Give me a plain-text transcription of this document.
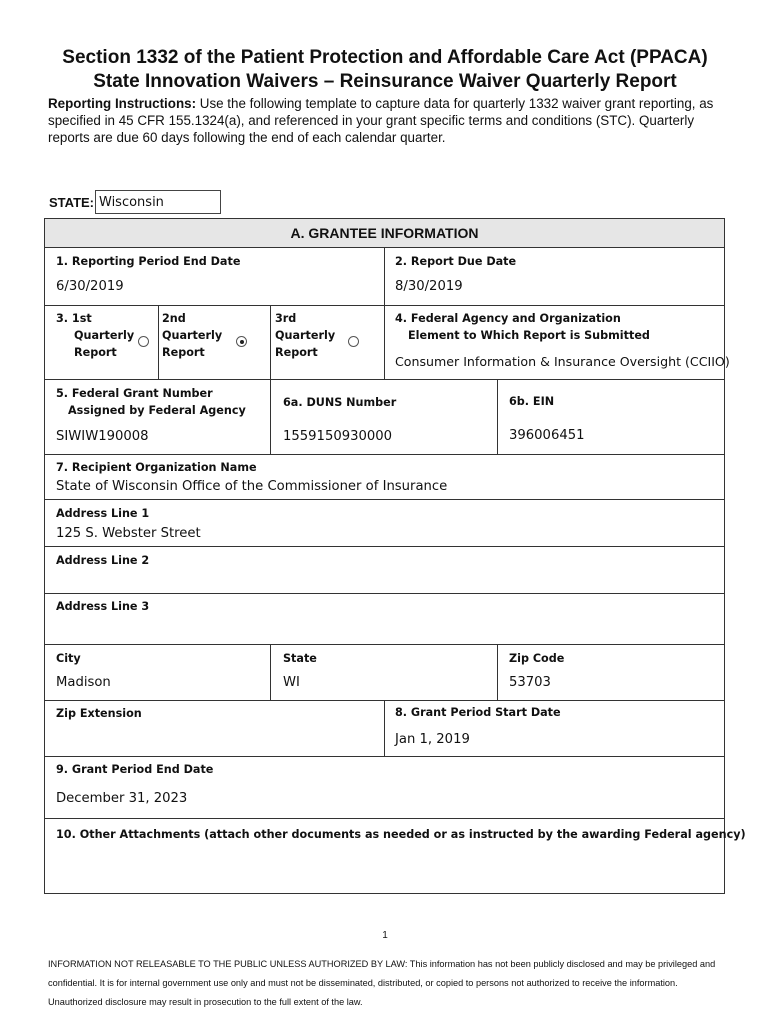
Section 1332 of the Patient Protection and Affordable Care Act (PPACA)
State Innovation Waivers – Reinsurance Waiver Quarterly Report
Reporting Instructions: Use the following template to capture data for quarterly 1332 waiver grant reporting, as specified in 45 CFR 155.1324(a), and referenced in your grant specific terms and conditions (STC). Quarterly reports are due 60 days following the end of each calendar quarter.
STATE: Wisconsin
A. GRANTEE INFORMATION
1. Reporting Period End Date
6/30/2019
2. Report Due Date
8/30/2019
3. 1st
Quarterly
Report
2nd
Quarterly
Report
3rd
Quarterly
Report
4. Federal Agency and Organization
Element to Which Report is Submitted
Consumer Information & Insurance Oversight (CCIIO)
5. Federal Grant Number
Assigned by Federal Agency
SIWIW190008
6a. DUNS Number
1559150930000
6b. EIN
396006451
7. Recipient Organization Name
State of Wisconsin Office of the Commissioner of Insurance
Address Line 1
125 S. Webster Street
Address Line 2
Address Line 3
City
Madison
State
WI
Zip Code
53703
Zip Extension	8. Grant Period Start Date
Jan 1, 2019
9. Grant Period End Date
December 31, 2023
10. Other Attachments (attach other documents as needed or as instructed by the awarding Federal agency)
1
INFORMATION NOT RELEASABLE TO THE PUBLIC UNLESS AUTHORIZED BY LAW: This information has not been publicly disclosed and may be privileged and confidential. It is for internal government use only and must not be disseminated, distributed, or copied to persons not authorized to receive the information. Unauthorized disclosure may result in prosecution to the full extent of the law.
